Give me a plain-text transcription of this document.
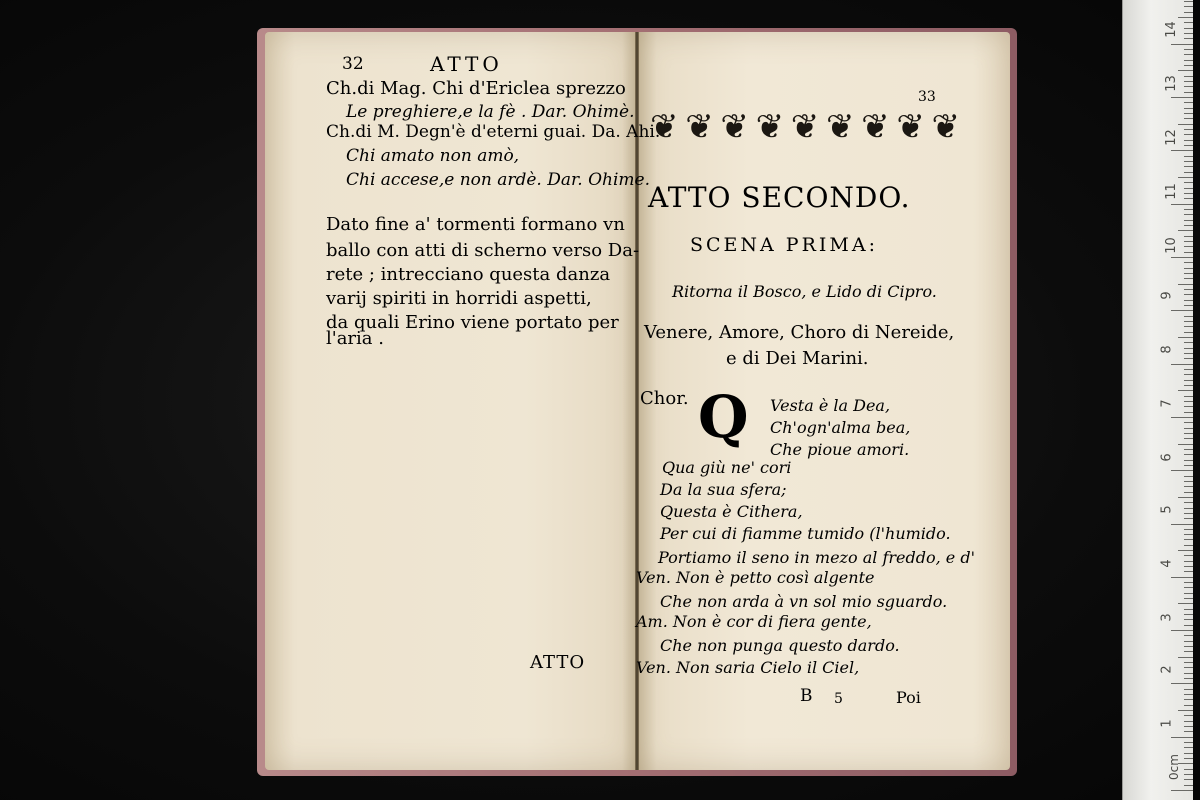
32	ATTO
Ch.di Mag. Chi d'Ericlea sprezzo
Le preghiere,e la fè . Dar. Ohimè.
Ch.di M. Degn'è d'eterni guai. Da. Ahi.
Chi amato non amò,
Chi accese,e non ardè. Dar. Ohime.
Dato fine a' tormenti formano vn
ballo con atti di scherno verso Da-
rete ; intrecciano questa danza
varij spiriti in horridi aspetti,
da quali Erino viene portato per
l'aria .
ATTO
❦ ❦ ❦ ❦ ❦ ❦ ❦ ❦ ❦
33
ATTO SECONDO.
SCENA PRIMA:
Ritorna il Bosco, e Lido di Cipro.
Venere, Amore, Choro di Nereide,
e di Dei Marini.
Chor. Q Vesta è la Dea,
Ch'ogn'alma bea,
Che pioue amori.
Qua giù ne' cori
Da la sua sfera;
Questa è Cithera,
Per cui di fiamme tumido (l'humido.
Portiamo il seno in mezo al freddo, e d'
Ven. Non è petto così algente
Che non arda à vn sol mio sguardo.
Am. Non è cor di fiera gente,
Che non punga questo dardo.
Ven. Non saria Cielo il Ciel,
B 5	Poi
14
13
12
11
10
9
8
7
6
5
4
3
2
1
0cm
